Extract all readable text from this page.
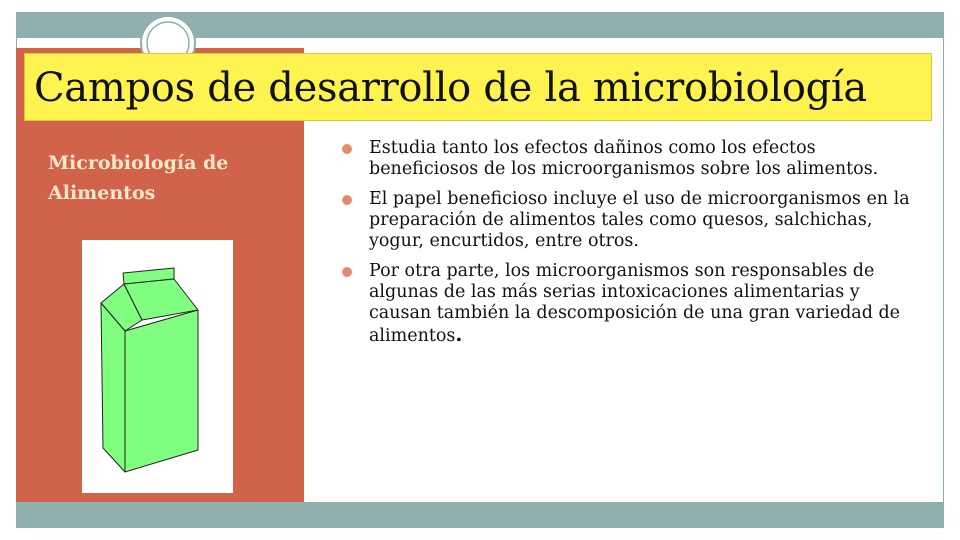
Campos de desarrollo de la microbiología
Microbiología de Alimentos
Estudia tanto los efectos dañinos como los efectos beneficiosos de los microorganismos sobre los alimentos.
El papel beneficioso incluye el uso de microorganismos en la preparación de alimentos tales como quesos, salchichas, yogur, encurtidos, entre otros.
Por otra parte, los microorganismos son responsables de algunas de las más serias intoxicaciones alimentarias y causan también la descomposición de una gran variedad de alimentos.
